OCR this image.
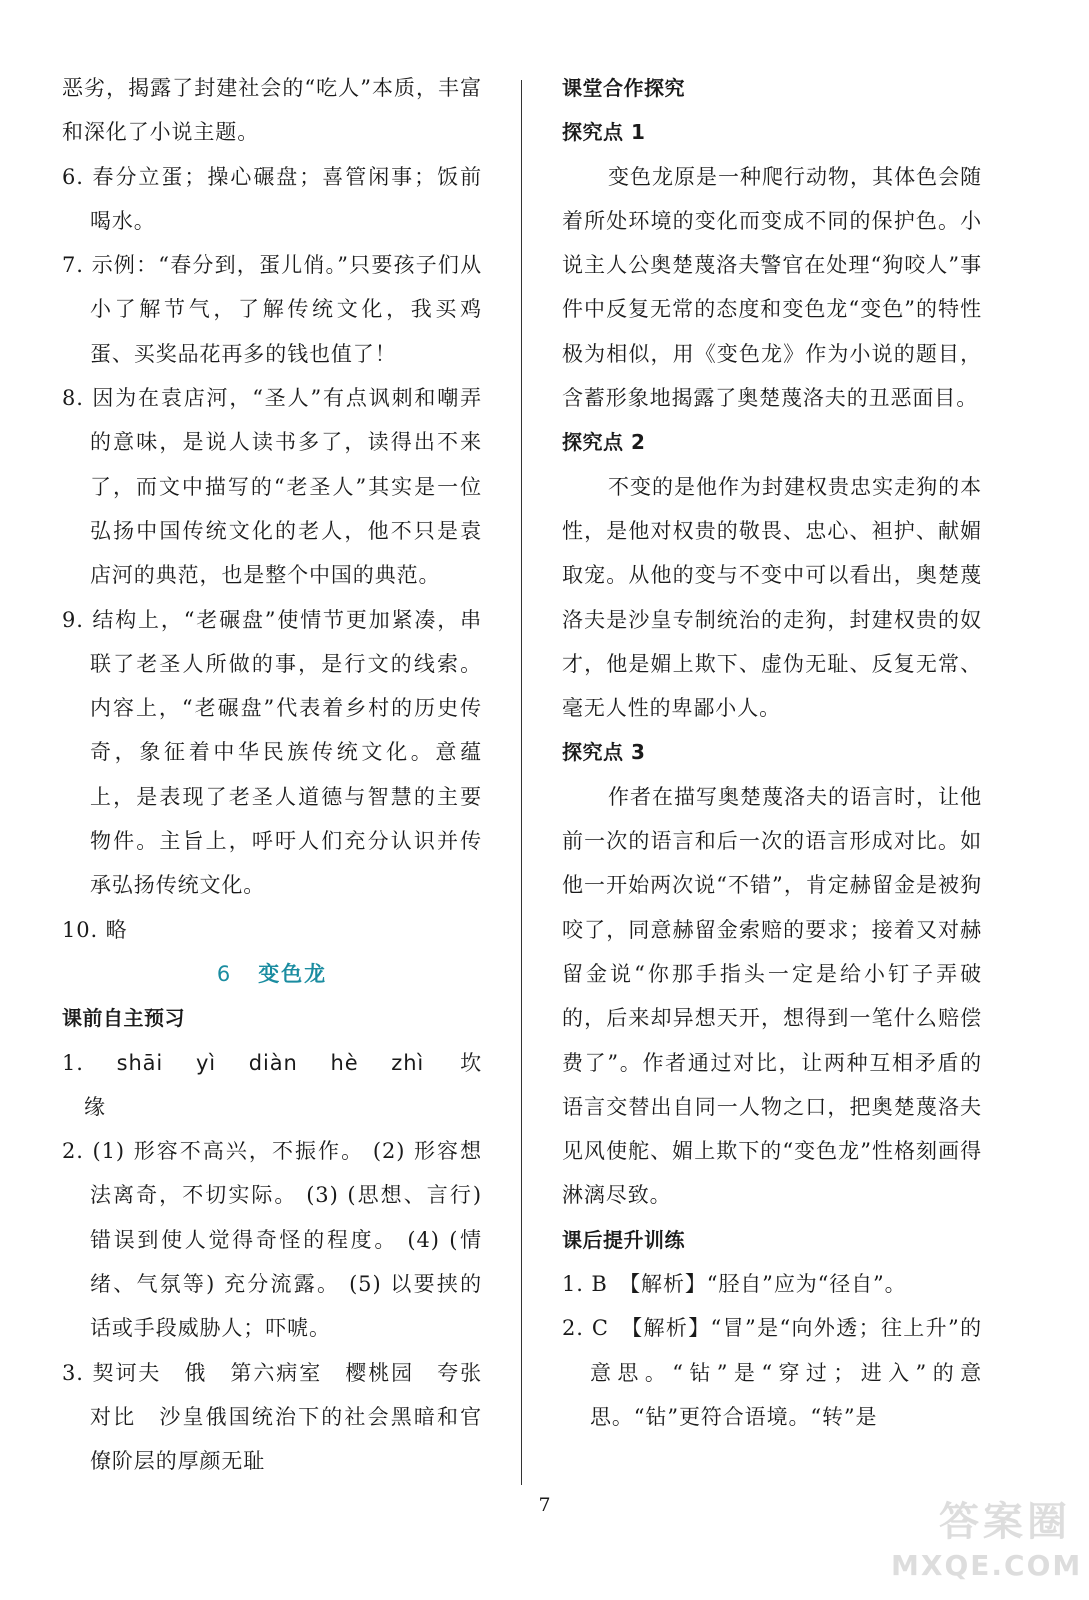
恶劣，揭露了封建社会的“吃人”本质，丰富和深化了小说主题。
6. 春分立蛋；操心碾盘；喜管闲事；饭前喝水。
7. 示例：“春分到，蛋儿俏。”只要孩子们从小了解节气，了解传统文化，我买鸡蛋、买奖品花再多的钱也值了！
8. 因为在袁店河，“圣人”有点讽刺和嘲弄的意味，是说人读书多了，读得出不来了，而文中描写的“老圣人”其实是一位弘扬中国传统文化的老人，他不只是袁店河的典范，也是整个中国的典范。
9. 结构上，“老碾盘”使情节更加紧凑，串联了老圣人所做的事，是行文的线索。内容上，“老碾盘”代表着乡村的历史传奇，象征着中华民族传统文化。意蕴上，是表现了老圣人道德与智慧的主要物件。主旨上，呼吁人们充分认识并传承弘扬传统文化。
10. 略
6 变色龙
课前自主预习
1. shāi yì diàn hè zhì 坎 缘
2. (1) 形容不高兴，不振作。 (2) 形容想法离奇，不切实际。 (3) (思想、言行) 错误到使人觉得奇怪的程度。 (4) (情绪、气氛等) 充分流露。 (5) 以要挟的话或手段威胁人；吓唬。
3. 契诃夫　俄　第六病室　樱桃园　夸张　对比　沙皇俄国统治下的社会黑暗和官僚阶层的厚颜无耻
课堂合作探究
探究点 1
变色龙原是一种爬行动物，其体色会随着所处环境的变化而变成不同的保护色。小说主人公奥楚蔑洛夫警官在处理“狗咬人”事件中反复无常的态度和变色龙“变色”的特性极为相似，用《变色龙》作为小说的题目，含蓄形象地揭露了奥楚蔑洛夫的丑恶面目。
探究点 2
不变的是他作为封建权贵忠实走狗的本性，是他对权贵的敬畏、忠心、袒护、献媚取宠。从他的变与不变中可以看出，奥楚蔑洛夫是沙皇专制统治的走狗，封建权贵的奴才，他是媚上欺下、虚伪无耻、反复无常、毫无人性的卑鄙小人。
探究点 3
作者在描写奥楚蔑洛夫的语言时，让他前一次的语言和后一次的语言形成对比。如他一开始两次说“不错”，肯定赫留金是被狗咬了，同意赫留金索赔的要求；接着又对赫留金说“你那手指头一定是给小钉子弄破的，后来却异想天开，想得到一笔什么赔偿费了”。作者通过对比，让两种互相矛盾的语言交替出自同一人物之口，把奥楚蔑洛夫见风使舵、媚上欺下的“变色龙”性格刻画得淋漓尽致。
课后提升训练
1. B　【解析】“胫自”应为“径自”。
2. C　【解析】“冒”是“向外透；往上升”的意思。“钻”是“穿过；进入”的意思。“钻”更符合语境。“转”是
7	答案圈
MXQE.COM
